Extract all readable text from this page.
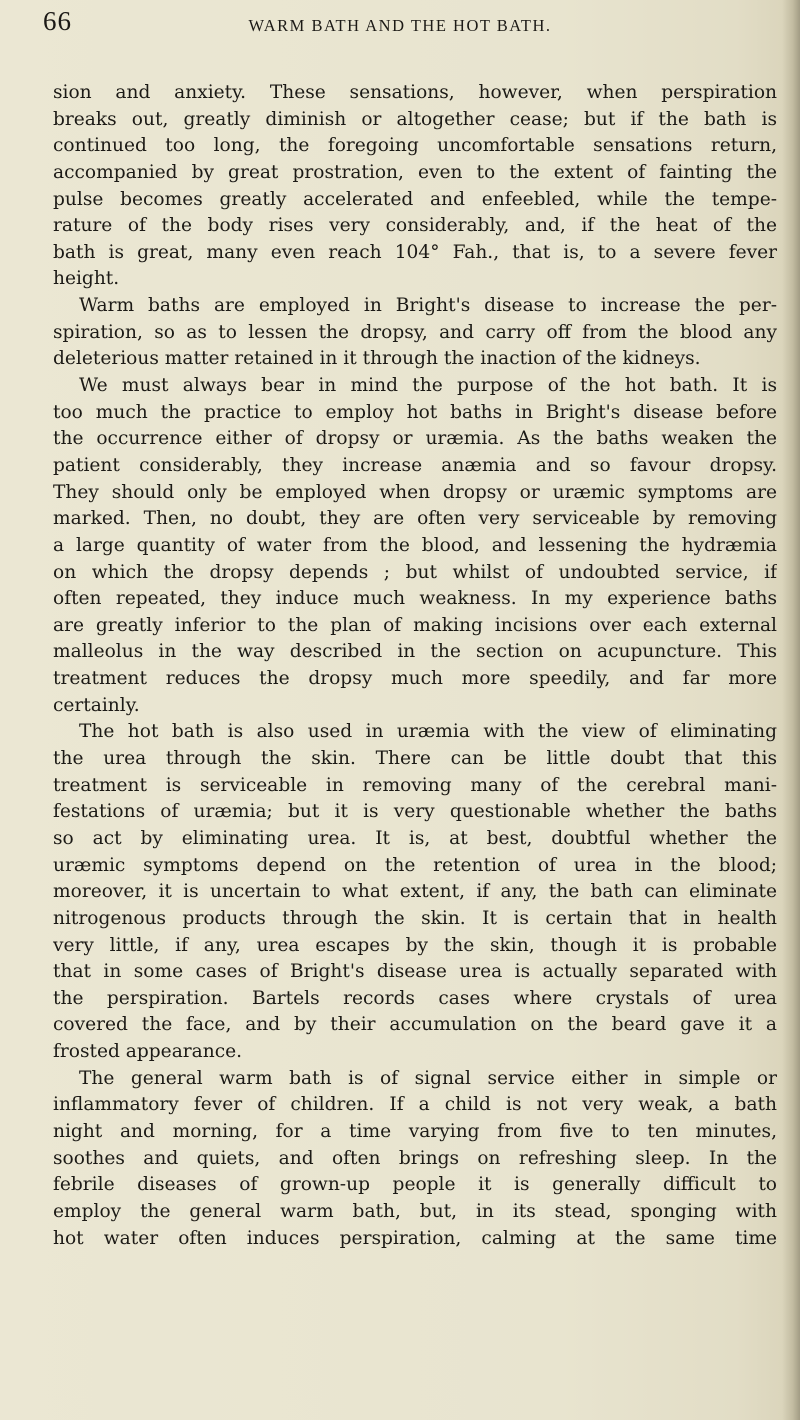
66	WARM BATH AND THE HOT BATH.
sion and anxiety. These sensations, however, when perspiration
breaks out, greatly diminish or altogether cease; but if the bath is
continued too long, the foregoing uncomfortable sensations return,
accompanied by great prostration, even to the extent of fainting the
pulse becomes greatly accelerated and enfeebled, while the tempe-
rature of the body rises very considerably, and, if the heat of the
bath is great, many even reach 104° Fah., that is, to a severe fever
height.
Warm baths are employed in Bright's disease to increase the per-
spiration, so as to lessen the dropsy, and carry off from the blood any
deleterious matter retained in it through the inaction of the kidneys.
We must always bear in mind the purpose of the hot bath. It is
too much the practice to employ hot baths in Bright's disease before
the occurrence either of dropsy or uræmia. As the baths weaken the
patient considerably, they increase anæmia and so favour dropsy.
They should only be employed when dropsy or uræmic symptoms are
marked. Then, no doubt, they are often very serviceable by removing
a large quantity of water from the blood, and lessening the hydræmia
on which the dropsy depends ; but whilst of undoubted service, if
often repeated, they induce much weakness. In my experience baths
are greatly inferior to the plan of making incisions over each external
malleolus in the way described in the section on acupuncture. This
treatment reduces the dropsy much more speedily, and far more
certainly.
The hot bath is also used in uræmia with the view of eliminating
the urea through the skin. There can be little doubt that this
treatment is serviceable in removing many of the cerebral mani-
festations of uræmia; but it is very questionable whether the baths
so act by eliminating urea. It is, at best, doubtful whether the
uræmic symptoms depend on the retention of urea in the blood;
moreover, it is uncertain to what extent, if any, the bath can eliminate
nitrogenous products through the skin. It is certain that in health
very little, if any, urea escapes by the skin, though it is probable
that in some cases of Bright's disease urea is actually separated with
the perspiration. Bartels records cases where crystals of urea
covered the face, and by their accumulation on the beard gave it a
frosted appearance.
The general warm bath is of signal service either in simple or
inflammatory fever of children. If a child is not very weak, a bath
night and morning, for a time varying from five to ten minutes,
soothes and quiets, and often brings on refreshing sleep. In the
febrile diseases of grown-up people it is generally difficult to
employ the general warm bath, but, in its stead, sponging with
hot water often induces perspiration, calming at the same time
